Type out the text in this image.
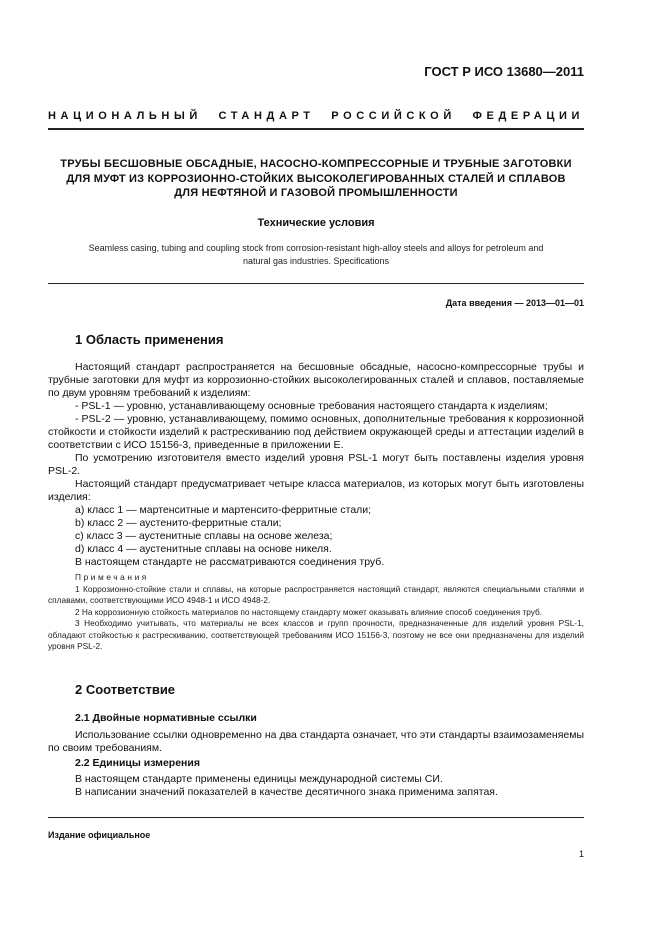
ГОСТ Р ИСО 13680—2011
НАЦИОНАЛЬНЫЙ СТАНДАРТ РОССИЙСКОЙ ФЕДЕРАЦИИ
ТРУБЫ БЕСШОВНЫЕ ОБСАДНЫЕ, НАСОСНО-КОМПРЕССОРНЫЕ И ТРУБНЫЕ ЗАГОТОВКИ
ДЛЯ МУФТ ИЗ КОРРОЗИОННО-СТОЙКИХ ВЫСОКОЛЕГИРОВАННЫХ СТАЛЕЙ И СПЛАВОВ
ДЛЯ НЕФТЯНОЙ И ГАЗОВОЙ ПРОМЫШЛЕННОСТИ
Технические условия
Seamless casing, tubing and coupling stock from corrosion-resistant high-alloy steels and alloys for petroleum and
natural gas industries. Specifications
Дата введения — 2013—01—01
1 Область применения

Настоящий стандарт распространяется на бесшовные обсадные, насосно-компрессорные трубы и трубные заготовки для муфт из коррозионно-стойких высоколегированных сталей и сплавов, поставляемые по двум уровням требований к изделиям:

- PSL-1 — уровню, устанавливающему основные требования настоящего стандарта к изделиям;

- PSL-2 — уровню, устанавливающему, помимо основных, дополнительные требования к коррозионной стойкости и стойкости изделий к растрескиванию под действием окружающей среды и аттестации изделий в соответствии с ИСО 15156-3, приведенные в приложении Е.

По усмотрению изготовителя вместо изделий уровня PSL-1 могут быть поставлены изделия уровня PSL-2.

Настоящий стандарт предусматривает четыре класса материалов, из которых могут быть изготовлены изделия:

a) класс 1 — мартенситные и мартенсито-ферритные стали;

b) класс 2 — аустенито-ферритные стали;

c) класс 3 — аустенитные сплавы на основе железа;

d) класс 4 — аустенитные сплавы на основе никеля.

В настоящем стандарте не рассматриваются соединения труб.

Примечания

1 Коррозионно-стойкие стали и сплавы, на которые распространяется настоящий стандарт, являются специальными сталями и сплавами, соответствующими ИСО 4948-1 и ИСО 4948-2.

2 На коррозионную стойкость материалов по настоящему стандарту может оказывать влияние способ соединения труб.

3 Необходимо учитывать, что материалы не всех классов и групп прочности, предназначенные для изделий уровня PSL-1, обладают стойкостью к растрескиванию, соответствующей требованиям ИСО 15156-3, поэтому не все они предназначены для изделий уровня PSL-2.

2 Соответствие
2.1 Двойные нормативные ссылки

Использование ссылки одновременно на два стандарта означает, что эти стандарты взаимозаменяемы по своим требованиям.

2.2 Единицы измерения

В настоящем стандарте применены единицы международной системы СИ.

В написании значений показателей в качестве десятичного знака применима запятая.

Издание официальное
1
